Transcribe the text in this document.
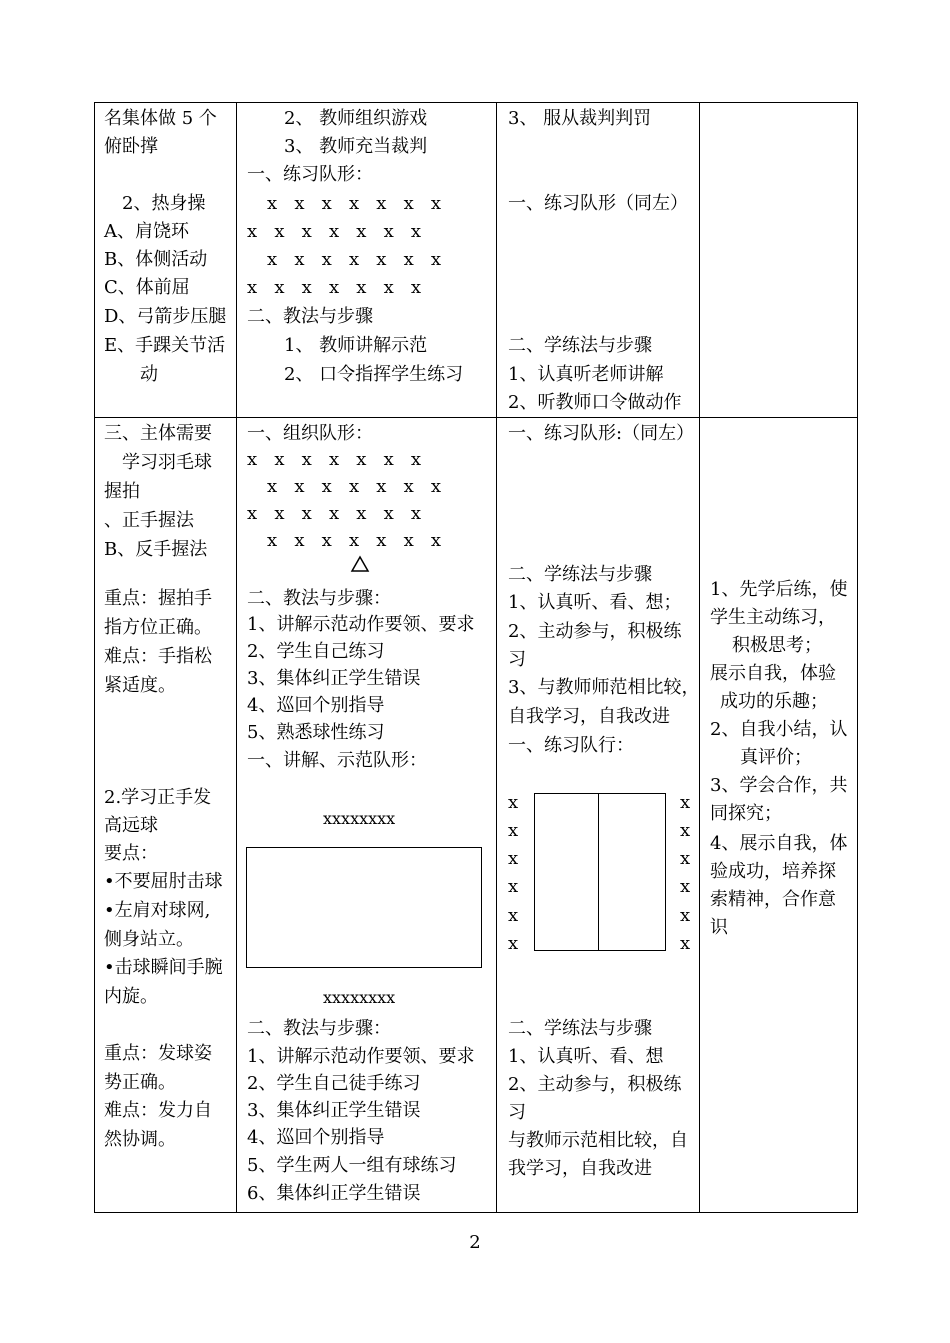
名集体做 5 个
俯卧撑
2、热身操
A、肩饶环
B、体侧活动
C、体前屈
D、弓箭步压腿
E、手踝关节活
动
2、 教师组织游戏
3、 教师充当裁判
一、练习队形：
x   x   x   x   x   x   x
x   x   x   x   x   x   x
x   x   x   x   x   x   x
x   x   x   x   x   x   x
二、教法与步骤
1、 教师讲解示范
2、 口令指挥学生练习
3、 服从裁判判罚
一、练习队形（同左）
二、学练法与步骤
1、认真听老师讲解
2、听教师口令做动作
三、主体需要
学习羽毛球
握拍
、正手握法
B、反手握法
重点：握拍手
指方位正确。
难点：手指松
紧适度。
2.学习正手发
高远球
要点：
•不要屈肘击球
•左肩对球网,
侧身站立。
•击球瞬间手腕
内旋。
重点：发球姿
势正确。
难点：发力自
然协调。
一、组织队形：
x   x   x   x   x   x   x
x   x   x   x   x   x   x
x   x   x   x   x   x   x
x   x   x   x   x   x   x
二、教法与步骤：
1、讲解示范动作要领、要求
2、学生自己练习
3、集体纠正学生错误
4、巡回个别指导
5、熟悉球性练习
一、讲解、示范队形：
xxxxxxxx
xxxxxxxx
二、教法与步骤：
1、讲解示范动作要领、要求
2、学生自己徒手练习
3、集体纠正学生错误
4、巡回个别指导
5、学生两人一组有球练习
6、集体纠正学生错误
一、练习队形:（同左）
二、学练法与步骤
1、认真听、看、想；
2、主动参与，积极练
习
3、与教师师范相比较，
自我学习，自我改进
一、练习队行：
x
x
x
x
x
x
x
x
x
x
x
x
二、学练法与步骤
1、认真听、看、想
2、主动参与，积极练
习
与教师示范相比较，自
我学习，自我改进
1、先学后练，使
学生主动练习，
积极思考；
展示自我，体验
成功的乐趣；
2、自我小结，认
真评价；
3、学会合作，共
同探究；
4、展示自我，体
验成功，培养探
索精神，合作意
识
2
